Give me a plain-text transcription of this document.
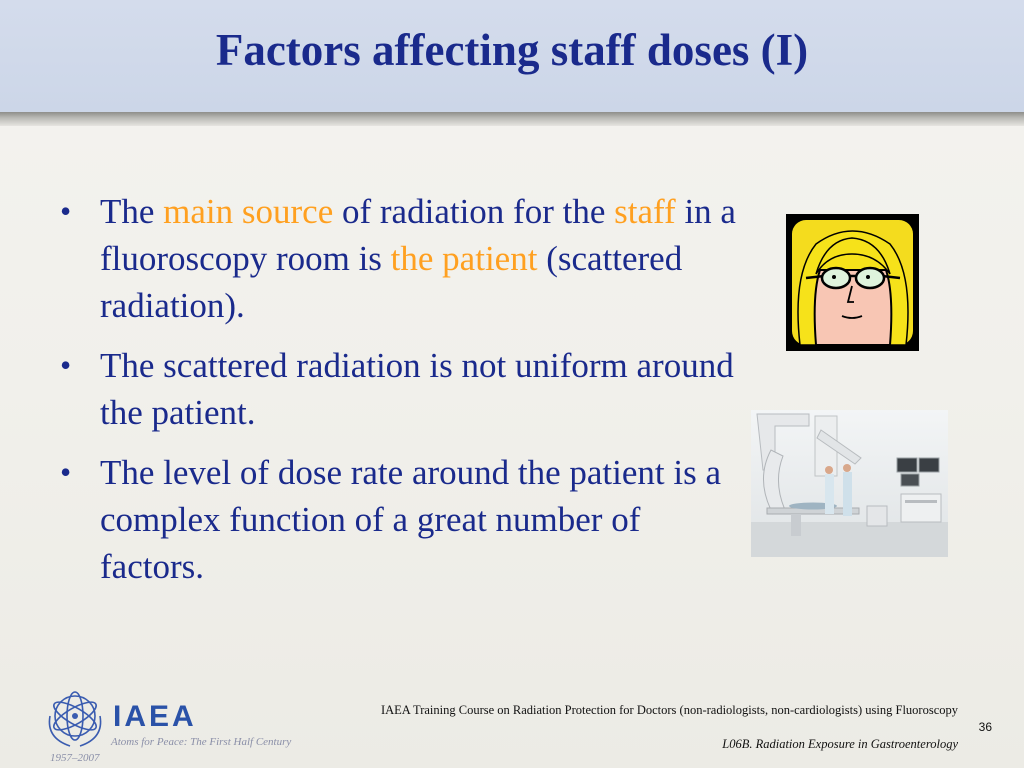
Factors affecting staff doses (I)
• The main source of radiation for the staff in a fluoroscopy room is the patient (scattered radiation).
• The scattered radiation is not uniform around the patient.
• The level of dose rate around the patient is a complex function of a great number of factors.
IAEA
Atoms for Peace: The First Half Century
1957–2007
IAEA Training Course on Radiation Protection for Doctors (non-radiologists, non-cardiologists) using Fluoroscopy
L06B. Radiation Exposure in Gastroenterology
36
